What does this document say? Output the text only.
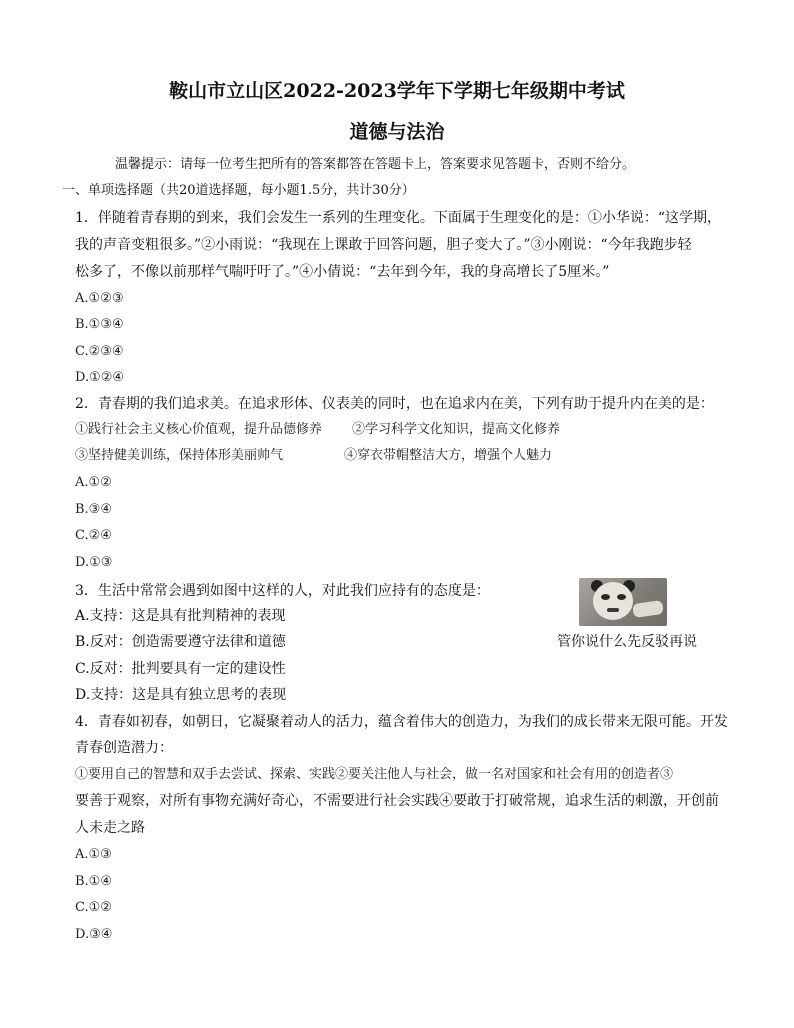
鞍山市立山区2022-2023学年下学期七年级期中考试
道德与法治
温馨提示：请每一位考生把所有的答案都答在答题卡上，答案要求见答题卡，否则不给分。
一、单项选择题（共20道选择题，每小题1.5分，共计30分）
1．伴随着青春期的到来，我们会发生一系列的生理变化。下面属于生理变化的是：①小华说：“这学期，
我的声音变粗很多。”②小雨说：“我现在上课敢于回答问题，胆子变大了。”③小刚说：“今年我跑步轻
松多了，不像以前那样气喘吁吁了。”④小倩说：“去年到今年，我的身高增长了5厘米。”
A.①②③
B.①③④
C.②③④
D.①②④
2．青春期的我们追求美。在追求形体、仪表美的同时，也在追求内在美，下列有助于提升内在美的是：
①践行社会主义核心价值观，提升品德修养 ②学习科学文化知识，提高文化修养
③坚持健美训练，保持体形美丽帅气	④穿衣带帽整洁大方，增强个人魅力
A.①②
B.③④
C.②④
D.①③
3．生活中常常会遇到如图中这样的人，对此我们应持有的态度是：
A.支持：这是具有批判精神的表现
B.反对：创造需要遵守法律和道德
C.反对：批判要具有一定的建设性
D.支持：这是具有独立思考的表现
管你说什么先反驳再说
4．青春如初春，如朝日，它凝聚着动人的活力，蕴含着伟大的创造力，为我们的成长带来无限可能。开发
青春创造潜力：
①要用自己的智慧和双手去尝试、探索、实践②要关注他人与社会，做一名对国家和社会有用的创造者③
要善于观察，对所有事物充满好奇心，不需要进行社会实践④要敢于打破常规，追求生活的刺激，开创前
人未走之路
A.①③
B.①④
C.①②
D.③④
